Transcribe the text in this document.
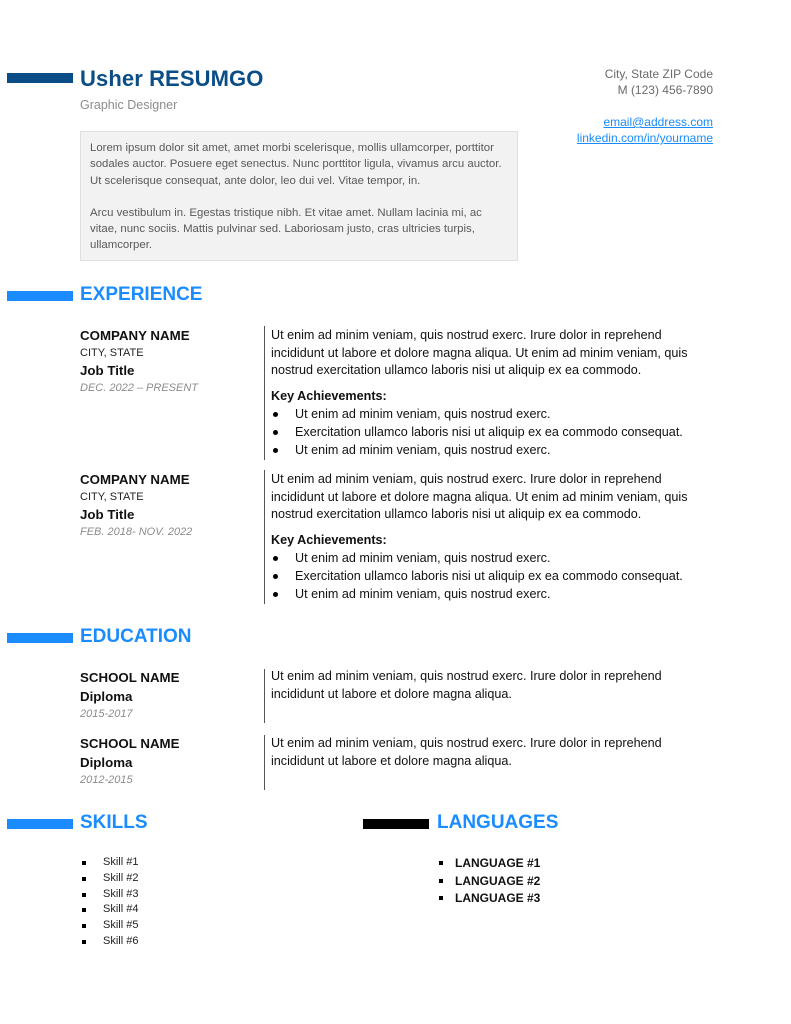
Usher RESUMGO
Graphic Designer
City, State ZIP Code
M (123) 456-7890
email@address.com
linkedin.com/in/yourname

Lorem ipsum dolor sit amet, amet morbi scelerisque, mollis ullamcorper, porttitor sodales auctor. Posuere eget senectus. Nunc porttitor ligula, vivamus arcu auctor. Ut scelerisque consequat, ante dolor, leo dui vel. Vitae tempor, in.

Arcu vestibulum in. Egestas tristique nibh. Et vitae amet. Nullam lacinia mi, ac vitae, nunc sociis. Mattis pulvinar sed. Laboriosam justo, cras ultricies turpis, ullamcorper.

EXPERIENCE
COMPANY NAME
CITY, STATE
Job Title
DEC. 2022 – PRESENT
Ut enim ad minim veniam, quis nostrud exerc. Irure dolor in reprehend incididunt ut labore et dolore magna aliqua. Ut enim ad minim veniam, quis nostrud exercitation ullamco laboris nisi ut aliquip ex ea commodo.
Key Achievements:
Ut enim ad minim veniam, quis nostrud exerc.
Exercitation ullamco laboris nisi ut aliquip ex ea commodo consequat.
Ut enim ad minim veniam, quis nostrud exerc.
COMPANY NAME
CITY, STATE
Job Title
FEB. 2018- NOV. 2022
Ut enim ad minim veniam, quis nostrud exerc. Irure dolor in reprehend incididunt ut labore et dolore magna aliqua. Ut enim ad minim veniam, quis nostrud exercitation ullamco laboris nisi ut aliquip ex ea commodo.
Key Achievements:
Ut enim ad minim veniam, quis nostrud exerc.
Exercitation ullamco laboris nisi ut aliquip ex ea commodo consequat.
Ut enim ad minim veniam, quis nostrud exerc.
EDUCATION
SCHOOL NAME
Diploma
2015-2017
Ut enim ad minim veniam, quis nostrud exerc. Irure dolor in reprehend incididunt ut labore et dolore magna aliqua.
SCHOOL NAME
Diploma
2012-2015
Ut enim ad minim veniam, quis nostrud exerc. Irure dolor in reprehend incididunt ut labore et dolore magna aliqua.
SKILLS
Skill #1
Skill #2
Skill #3
Skill #4
Skill #5
Skill #6
LANGUAGES
LANGUAGE #1
LANGUAGE #2
LANGUAGE #3
